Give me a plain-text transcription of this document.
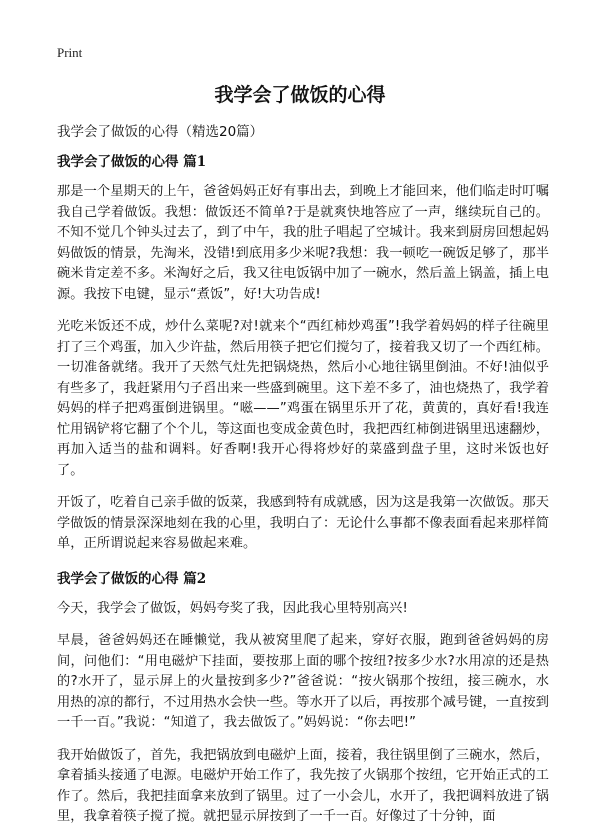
Print
我学会了做饭的心得
我学会了做饭的心得（精选20篇）

我学会了做饭的心得 篇1

那是一个星期天的上午，爸爸妈妈正好有事出去，到晚上才能回来，他们临走时叮嘱我自己学着做饭。我想：做饭还不简单?于是就爽快地答应了一声，继续玩自己的。不知不觉几个钟头过去了，到了中午，我的肚子唱起了空城计。我来到厨房回想起妈妈做饭的情景，先淘米，没错!到底用多少米呢?我想：我一顿吃一碗饭足够了，那半碗米肯定差不多。米淘好之后，我又往电饭锅中加了一碗水，然后盖上锅盖，插上电源。我按下电键，显示“煮饭”，好!大功告成!

光吃米饭还不成，炒什么菜呢?对!就来个“西红柿炒鸡蛋”!我学着妈妈的样子往碗里打了三个鸡蛋，加入少许盐，然后用筷子把它们搅匀了，接着我又切了一个西红柿。一切准备就绪。我开了天然气灶先把锅烧热，然后小心地往锅里倒油。不好!油似乎有些多了，我赶紧用勺子舀出来一些盛到碗里。这下差不多了，油也烧热了，我学着妈妈的样子把鸡蛋倒进锅里。“嗞——”鸡蛋在锅里乐开了花，黄黄的，真好看!我连忙用锅铲将它翻了个个儿，等这面也变成金黄色时，我把西红柿倒进锅里迅速翻炒，再加入适当的盐和调料。好香啊!我开心得将炒好的菜盛到盘子里，这时米饭也好了。

开饭了，吃着自己亲手做的饭菜，我感到特有成就感，因为这是我第一次做饭。那天学做饭的情景深深地刻在我的心里，我明白了：无论什么事都不像表面看起来那样简单，正所谓说起来容易做起来难。

我学会了做饭的心得 篇2

今天，我学会了做饭，妈妈夸奖了我，因此我心里特别高兴!

早晨，爸爸妈妈还在睡懒觉，我从被窝里爬了起来，穿好衣服，跑到爸爸妈妈的房间，问他们：“用电磁炉下挂面，要按那上面的哪个按纽?按多少水?水用凉的还是热的?水开了，显示屏上的火量按到多少?”爸爸说：“按火锅那个按纽，接三碗水，水用热的凉的都行，不过用热水会快一些。等水开了以后，再按那个减号键，一直按到一千一百。”我说：“知道了，我去做饭了。”妈妈说：“你去吧!”

我开始做饭了，首先，我把锅放到电磁炉上面，接着，我往锅里倒了三碗水，然后，拿着插头接通了电源。电磁炉开始工作了，我先按了火锅那个按纽，它开始正式的工作了。然后，我把挂面拿来放到了锅里。过了一小会儿，水开了，我把调料放进了锅里，我拿着筷子搅了搅。就把显示屏按到了一千一百。好像过了十分钟，面
